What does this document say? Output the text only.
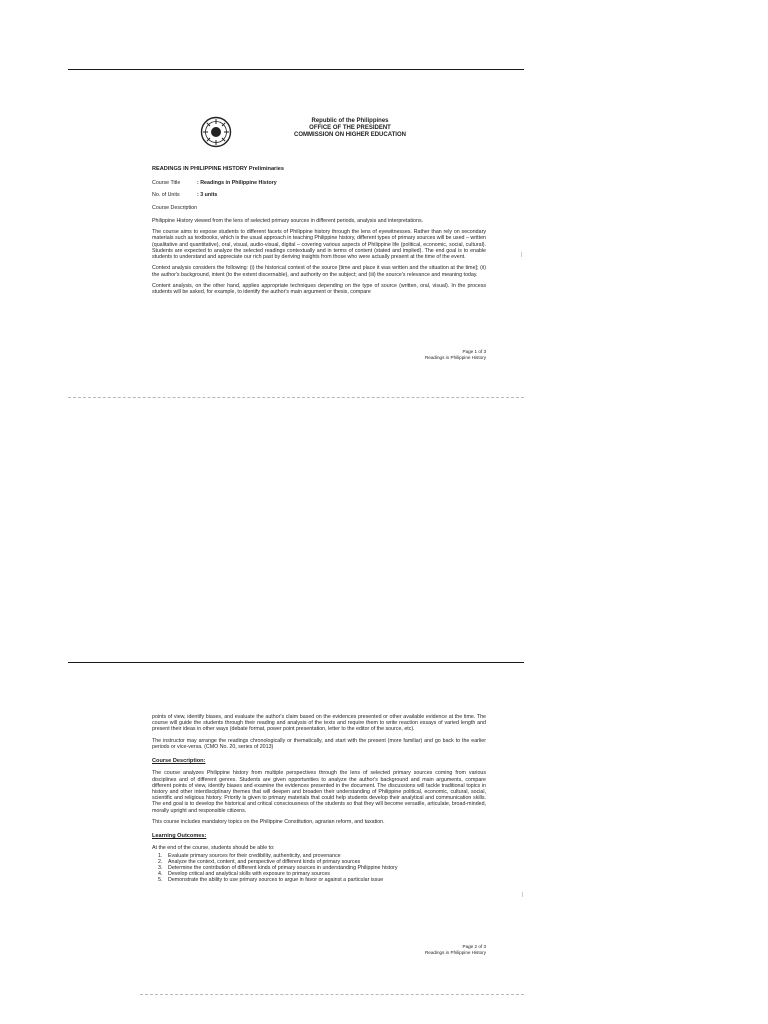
Republic of the Philippines
OFFICE OF THE PRESIDENT
COMMISSION ON HIGHER EDUCATION
READINGS IN PHILIPPINE HISTORY Preliminaries
Course Title	: Readings in Philippine History
No. of Units	: 3 units
Course Description

Philippine History viewed from the lens of selected primary sources in different periods, analysis and interpretations.

The course aims to expose students to different facets of Philippine history through the lens of eyewitnesses. Rather than rely on secondary materials such as textbooks, which is the usual approach in teaching Philippine history, different types of primary sources will be used – written (qualitative and quantitative), oral, visual, audio-visual, digital – covering various aspects of Philippine life (political, economic, social, cultural). Students are expected to analyze the selected readings contextually and in terms of content (stated and implied). The end goal is to enable students to understand and appreciate our rich past by deriving insights from those who were actually present at the time of the event.

Context analysis considers the following: (i) the historical context of the source [time and place it was written and the situation at the time]; (ii) the author's background, intent (to the extent discernable), and authority on the subject; and (iii) the source's relevance and meaning today.

Content analysis, on the other hand, applies appropriate techniques depending on the type of source (written, oral, visual). In the process students will be asked, for example, to identify the author's main argument or thesis, compare

Page 1 of 3
Readings in Philippine History

points of view, identify biases, and evaluate the author's claim based on the evidences presented or other available evidence at the time. The course will guide the students through their reading and analysis of the texts and require them to write reaction essays of varied length and present their ideas in other ways (debate format, power point presentation, letter to the editor of the source, etc).

The instructor may arrange the readings chronologically or thematically, and start with the present (more familiar) and go back to the earlier periods or vice-versa. (CMO No. 20, series of 2013)

Course Description:

The course analyzes Philippine history from multiple perspectives through the lens of selected primary sources coming from various disciplines and of different genres. Students are given opportunities to analyze the author's background and main arguments, compare different points of view, identify biases and examine the evidences presented in the document. The discussions will tackle traditional topics in history and other interdisciplinary themes that will deepen and broaden their understanding of Philippine political, economic, cultural, social, scientific and religious history. Priority is given to primary materials that could help students develop their analytical and communication skills. The end goal is to develop the historical and critical consciousness of the students so that they will become versatile, articulate, broad-minded, morally upright and responsible citizens.

This course includes mandatory topics on the Philippine Constitution, agrarian reform, and taxation.

Learning Outcomes:
At the end of the course, students should be able to:
1.	Evaluate primary sources for their credibility, authenticity, and provenance
2.	Analyze the context, content, and perspective of different kinds of primary sources
3.	Determine the contribution of different kinds of primary sources in understanding Philippine history
4.	Develop critical and analytical skills with exposure to primary sources
5.	Demonstrate the ability to use primary sources to argue in favor or against a particular issue
Page 2 of 3
Readings in Philippine History
